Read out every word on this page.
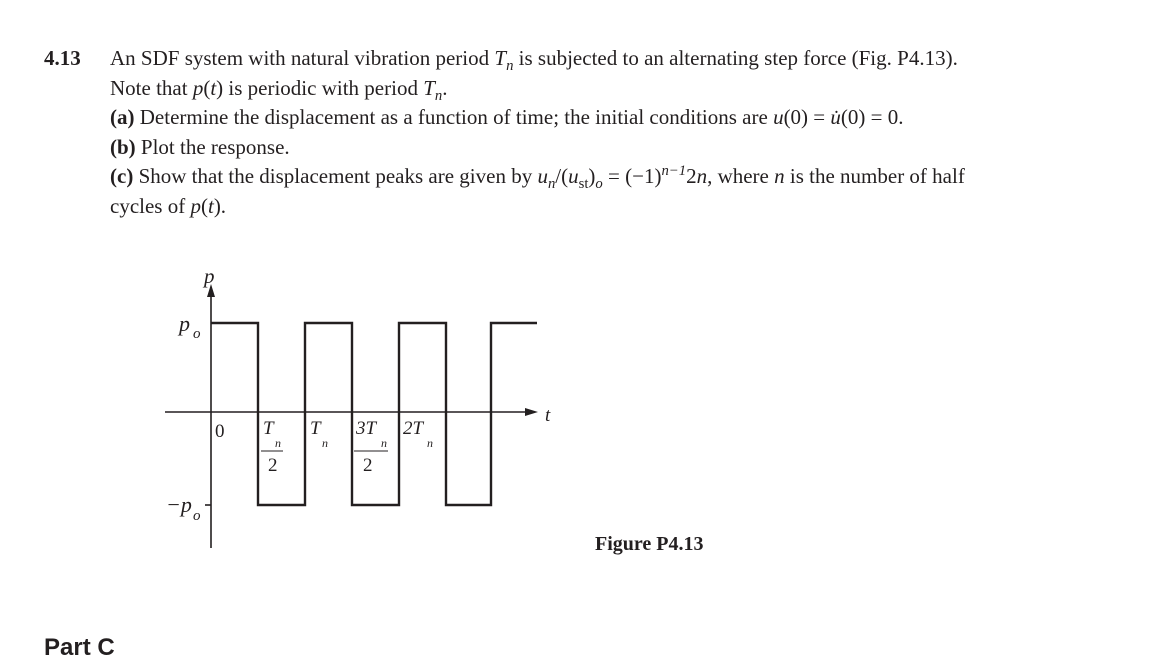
4.13 An SDF system with natural vibration period $T_n$ is subjected to an alternating step force (Fig. P4.13).
Note that p(t) is periodic with period $T_n$.
(a) Determine the displacement as a function of time; the initial conditions are u(0) = u̇(0) = 0.
(b) Plot the response.
(c) Show that the displacement peaks are given by $u_n/(u_{st})_o = (-1)^{n-1}2n$, where n is the number of half
cycles of p(t).
p
t
p o
−p o
0 T
n
2
T
n
3T
n
2
2T
n
Figure P4.13
Part C
